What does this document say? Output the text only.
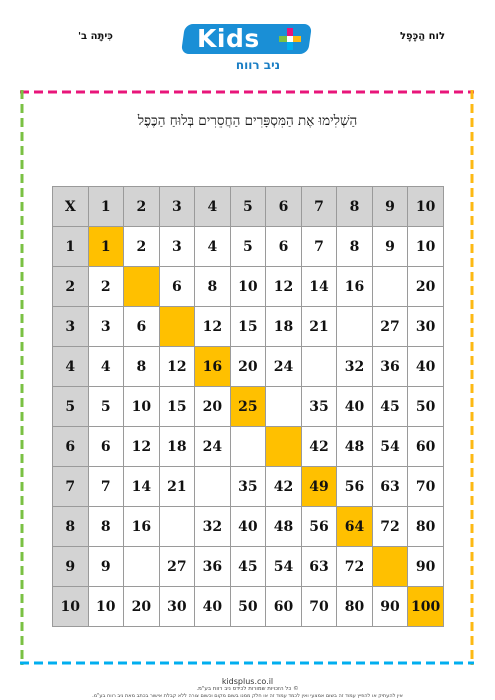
לוח הַכֶּפֶל
כִּיתָּה ב'	Kids
ניב רווח
הַשְׁלִימוּ אֶת הַמִּסְפָּרִים הַחֲסֵרִים בְּלוּחַ הַכֶּפֶל
X	1	2	3	4	5	6	7	8	9	10
1	1	2	3	4	5	6	7	8	9	10
2	2		6	8	10	12	14	16		20
3	3	6		12	15	18	21		27	30
4	4	8	12	16	20	24		32	36	40
5	5	10	15	20	25		35	40	45	50
6	6	12	18	24			42	48	54	60
7	7	14	21		35	42	49	56	63	70
8	8	16		32	40	48	56	64	72	80
9	9		27	36	45	54	63	72		90
10	10	20	30	40	50	60	70	80	90	100
kidsplus.co.il
© כל הזכויות שמורות לכידס ניב רווח בע"מ.
אין להעתיק או להפיץ עמוד זה בשום אמצעי ואין לכמד עמוד זה או חלק ממנו בשום מקום וכשום צורה ללא קבלת אישור בכתב מאת ניב רווח בע"מ.
